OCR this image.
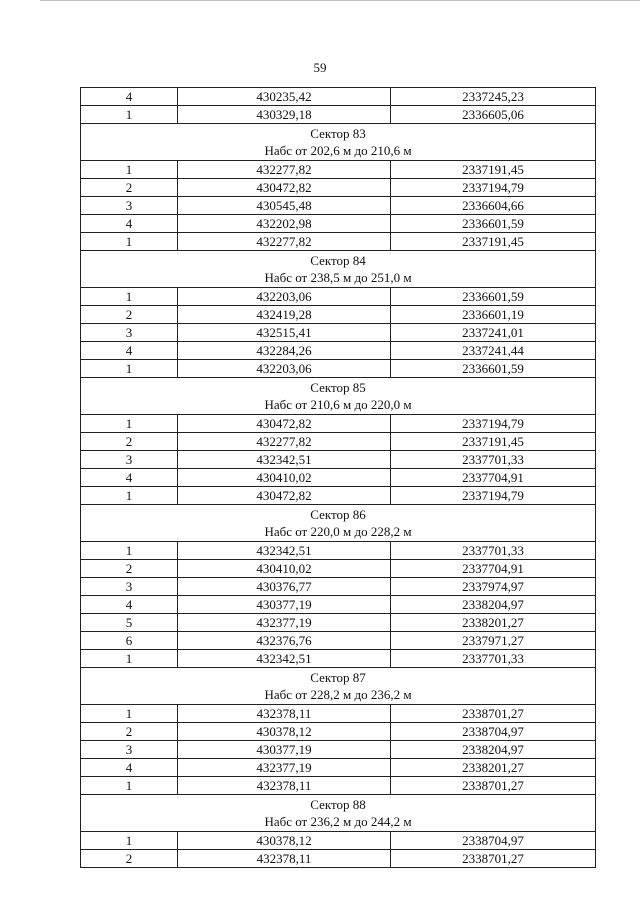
59
4	430235,42	2337245,23
1	430329,18	2336605,06

Сектор 83
Набс от 202,6 м до 210,6 м		

1	432277,82	2337191,45
2	430472,82	2337194,79
3	430545,48	2336604,66
4	432202,98	2336601,59
1	432277,82	2337191,45

Сектор 84
Набс от 238,5 м до 251,0 м		

1	432203,06	2336601,59
2	432419,28	2336601,19
3	432515,41	2337241,01
4	432284,26	2337241,44
1	432203,06	2336601,59

Сектор 85
Набс от 210,6 м до 220,0 м		

1	430472,82	2337194,79
2	432277,82	2337191,45
3	432342,51	2337701,33
4	430410,02	2337704,91
1	430472,82	2337194,79

Сектор 86
Набс от 220,0 м до 228,2 м		

1	432342,51	2337701,33
2	430410,02	2337704,91
3	430376,77	2337974,97
4	430377,19	2338204,97
5	432377,19	2338201,27
6	432376,76	2337971,27
1	432342,51	2337701,33

Сектор 87
Набс от 228,2 м до 236,2 м		

1	432378,11	2338701,27
2	430378,12	2338704,97
3	430377,19	2338204,97
4	432377,19	2338201,27
1	432378,11	2338701,27

Сектор 88
Набс от 236,2 м до 244,2 м		

1	430378,12	2338704,97
2	432378,11	2338701,27
